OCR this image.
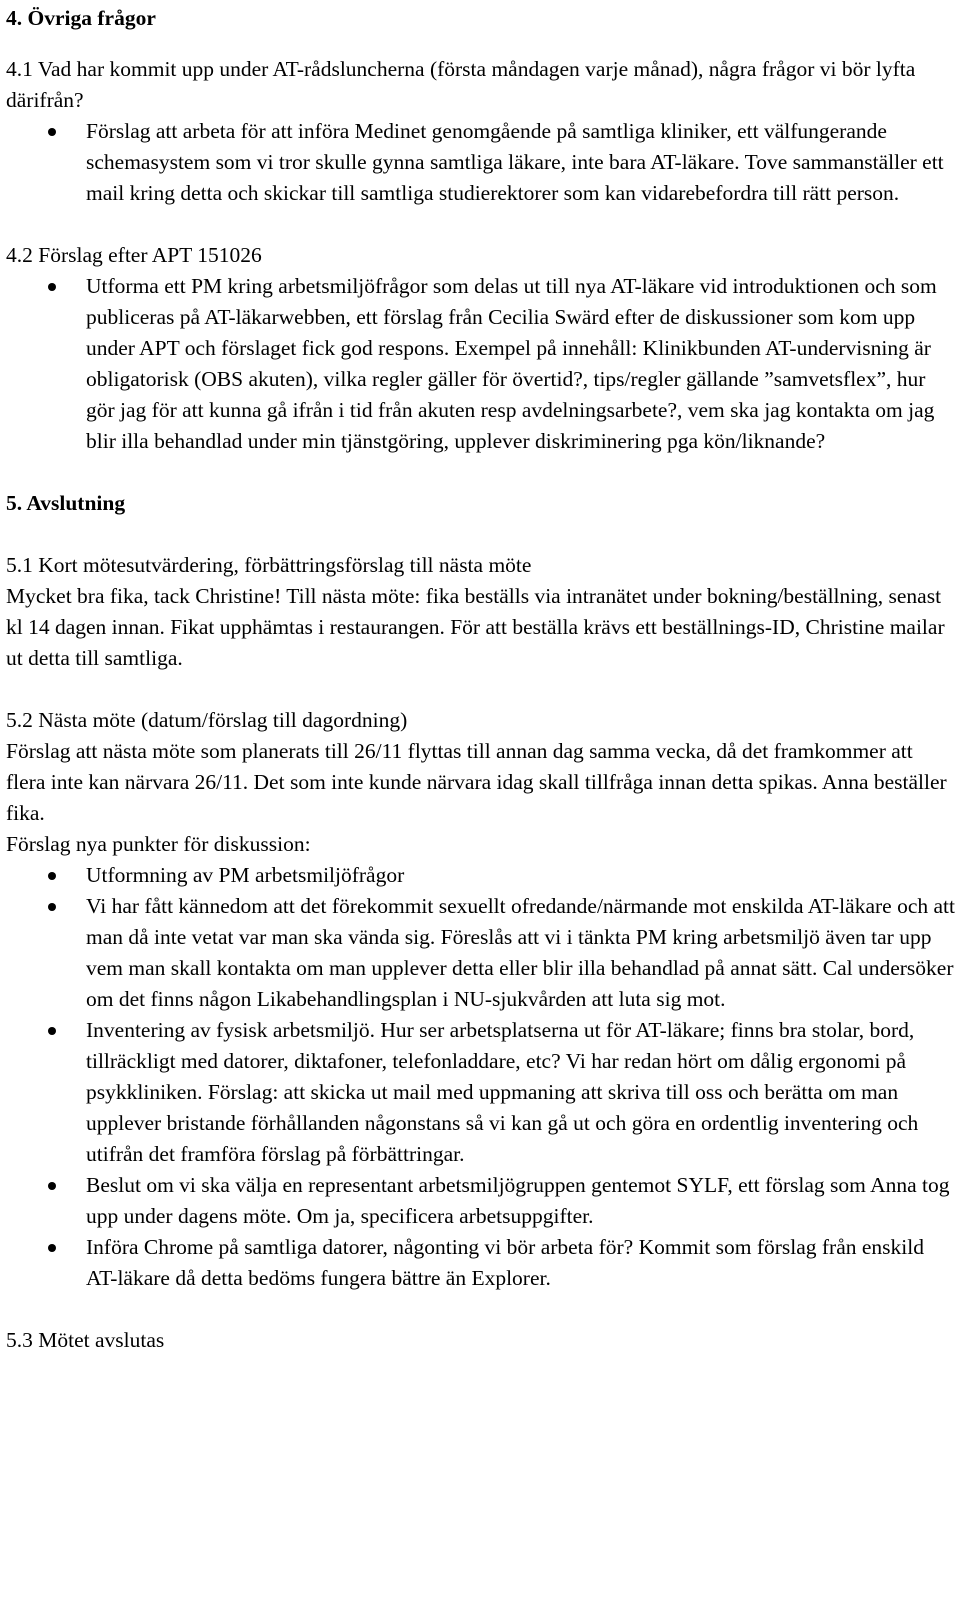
4. Övriga frågor

4.1 Vad har kommit upp under AT-rådsluncherna (första måndagen varje månad), några frågor vi bör lyfta därifrån?

Förslag att arbeta för att införa Medinet genomgående på samtliga kliniker, ett välfungerande schemasystem som vi tror skulle gynna samtliga läkare, inte bara AT-läkare. Tove sammanställer ett mail kring detta och skickar till samtliga studierektorer som kan vidarebefordra till rätt person.

4.2 Förslag efter APT 151026

Utforma ett PM kring arbetsmiljöfrågor som delas ut till nya AT-läkare vid introduktionen och som publiceras på AT-läkarwebben, ett förslag från Cecilia Swärd efter de diskussioner som kom upp under APT och förslaget fick god respons. Exempel på innehåll: Klinikbunden AT-undervisning är obligatorisk (OBS akuten), vilka regler gäller för övertid?, tips/regler gällande ”samvetsflex”, hur gör jag för att kunna gå ifrån i tid från akuten resp avdelningsarbete?, vem ska jag kontakta om jag blir illa behandlad under min tjänstgöring, upplever diskriminering pga kön/liknande?

5. Avslutning

5.1 Kort mötesutvärdering, förbättringsförslag till nästa möte

Mycket bra fika, tack Christine! Till nästa möte: fika beställs via intranätet under bokning/beställning, senast kl 14 dagen innan. Fikat upphämtas i restaurangen. För att beställa krävs ett beställnings-ID, Christine mailar ut detta till samtliga.

5.2 Nästa möte (datum/förslag till dagordning)

Förslag att nästa möte som planerats till 26/11 flyttas till annan dag samma vecka, då det framkommer att flera inte kan närvara 26/11. Det som inte kunde närvara idag skall tillfråga innan detta spikas. Anna beställer fika.

Förslag nya punkter för diskussion:

Utformning av PM arbetsmiljöfrågor
Vi har fått kännedom att det förekommit sexuellt ofredande/närmande mot enskilda AT-läkare och att man då inte vetat var man ska vända sig. Föreslås att vi i tänkta PM kring arbetsmiljö även tar upp vem man skall kontakta om man upplever detta eller blir illa behandlad på annat sätt. Cal undersöker om det finns någon Likabehandlingsplan i NU-sjukvården att luta sig mot.
Inventering av fysisk arbetsmiljö. Hur ser arbetsplatserna ut för AT-läkare; finns bra stolar, bord, tillräckligt med datorer, diktafoner, telefonladdare, etc? Vi har redan hört om dålig ergonomi på psykkliniken. Förslag: att skicka ut mail med uppmaning att skriva till oss och berätta om man upplever bristande förhållanden någonstans så vi kan gå ut och göra en ordentlig inventering och utifrån det framföra förslag på förbättringar.
Beslut om vi ska välja en representant arbetsmiljögruppen gentemot SYLF, ett förslag som Anna tog upp under dagens möte. Om ja, specificera arbetsuppgifter.
Införa Chrome på samtliga datorer, någonting vi bör arbeta för? Kommit som förslag från enskild AT-läkare då detta bedöms fungera bättre än Explorer.

5.3 Mötet avslutas
